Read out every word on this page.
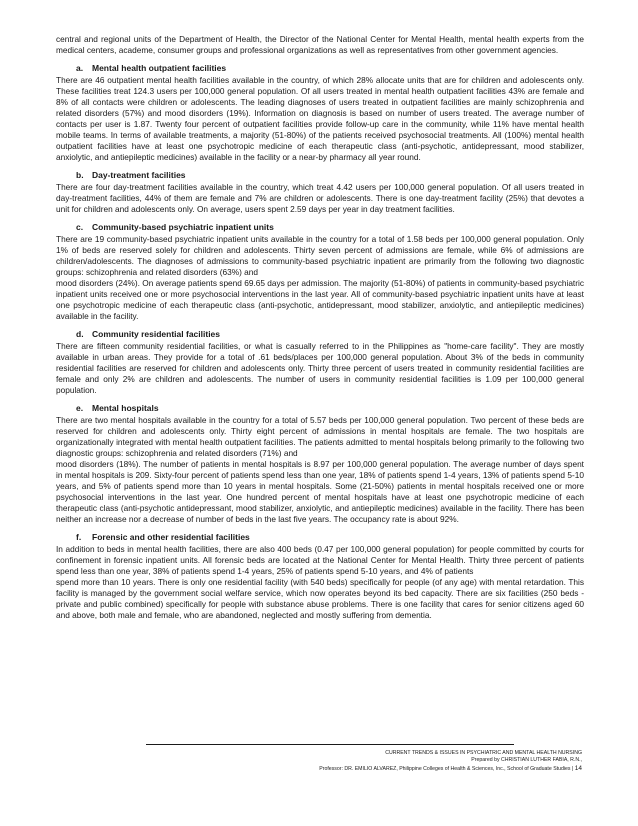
central and regional units of the Department of Health, the Director of the National Center for Mental Health, mental health experts from the medical centers, academe, consumer groups and professional organizations as well as representatives from other government agencies.

a. Mental health outpatient facilities

There are 46 outpatient mental health facilities available in the country, of which 28% allocate units that are for children and adolescents only. These facilities treat 124.3 users per 100,000 general population. Of all users treated in mental health outpatient facilities 43% are female and 8% of all contacts were children or adolescents. The leading diagnoses of users treated in outpatient facilities are mainly schizophrenia and related disorders (57%) and mood disorders (19%). Information on diagnosis is based on number of users treated. The average number of contacts per user is 1.87. Twenty four percent of outpatient facilities provide follow-up care in the community, while 11% have mental health mobile teams. In terms of available treatments, a majority (51-80%) of the patients received psychosocial treatments. All (100%) mental health outpatient facilities have at least one psychotropic medicine of each therapeutic class (anti-psychotic, antidepressant, mood stabilizer, anxiolytic, and antiepileptic medicines) available in the facility or a near-by pharmacy all year round.

b. Day-treatment facilities

There are four day-treatment facilities available in the country, which treat 4.42 users per 100,000 general population. Of all users treated in day-treatment facilities, 44% of them are female and 7% are children or adolescents. There is one day-treatment facility (25%) that devotes a unit for children and adolescents only. On average, users spent 2.59 days per year in day treatment facilities.

c. Community-based psychiatric inpatient units

There are 19 community-based psychiatric inpatient units available in the country for a total of 1.58 beds per 100,000 general population. Only 1% of beds are reserved solely for children and adolescents. Thirty seven percent of admissions are female, while 6% of admissions are children/adolescents. The diagnoses of admissions to community-based psychiatric inpatient are primarily from the following two diagnostic groups: schizophrenia and related disorders (63%) and

mood disorders (24%). On average patients spend 69.65 days per admission. The majority (51-80%) of patients in community-based psychiatric inpatient units received one or more psychosocial interventions in the last year. All of community-based psychiatric inpatient units have at least one psychotropic medicine of each therapeutic class (anti-psychotic, antidepressant, mood stabilizer, anxiolytic, and antiepileptic medicines) available in the facility.

d. Community residential facilities

There are fifteen community residential facilities, or what is casually referred to in the Philippines as "home-care facility". They are mostly available in urban areas. They provide for a total of .61 beds/places per 100,000 general population. About 3% of the beds in community residential facilities are reserved for children and adolescents only. Thirty three percent of users treated in community residential facilities are female and only 2% are children and adolescents. The number of users in community residential facilities is 1.09 per 100,000 general population.

e. Mental hospitals

There are two mental hospitals available in the country for a total of 5.57 beds per 100,000 general population. Two percent of these beds are reserved for children and adolescents only. Thirty eight percent of admissions in mental hospitals are female. The two hospitals are organizationally integrated with mental health outpatient facilities. The patients admitted to mental hospitals belong primarily to the following two diagnostic groups: schizophrenia and related disorders (71%) and

mood disorders (18%). The number of patients in mental hospitals is 8.97 per 100,000 general population. The average number of days spent in mental hospitals is 209. Sixty-four percent of patients spend less than one year, 18% of patients spend 1-4 years, 13% of patients spend 5-10 years, and 5% of patients spend more than 10 years in mental hospitals. Some (21-50%) patients in mental hospitals received one or more psychosocial interventions in the last year. One hundred percent of mental hospitals have at least one psychotropic medicine of each therapeutic class (anti-psychotic antidepressant, mood stabilizer, anxiolytic, and antiepileptic medicines) available in the facility. There has been neither an increase nor a decrease of number of beds in the last five years. The occupancy rate is about 92%.

f. Forensic and other residential facilities

In addition to beds in mental health facilities, there are also 400 beds (0.47 per 100,000 general population) for people committed by courts for confinement in forensic inpatient units. All forensic beds are located at the National Center for Mental Health. Thirty three percent of patients spend less than one year, 38% of patients spend 1-4 years, 25% of patients spend 5-10 years, and 4% of patients

spend more than 10 years. There is only one residential facility (with 540 beds) specifically for people (of any age) with mental retardation. This facility is managed by the government social welfare service, which now operates beyond its bed capacity. There are six facilities (250 beds - private and public combined) specifically for people with substance abuse problems. There is one facility that cares for senior citizens aged 60 and above, both male and female, who are abandoned, neglected and mostly suffering from dementia.

CURRENT TRENDS & ISSUES IN PSYCHIATRIC AND MENTAL HEALTH NURSING
Prepared by CHRISTIAN LUTHER FABIA, R.N.,
Professor: DR. EMILIO ALVAREZ, Philippine Colleges of Health & Sciences, Inc., School of Graduate Studies | 14
